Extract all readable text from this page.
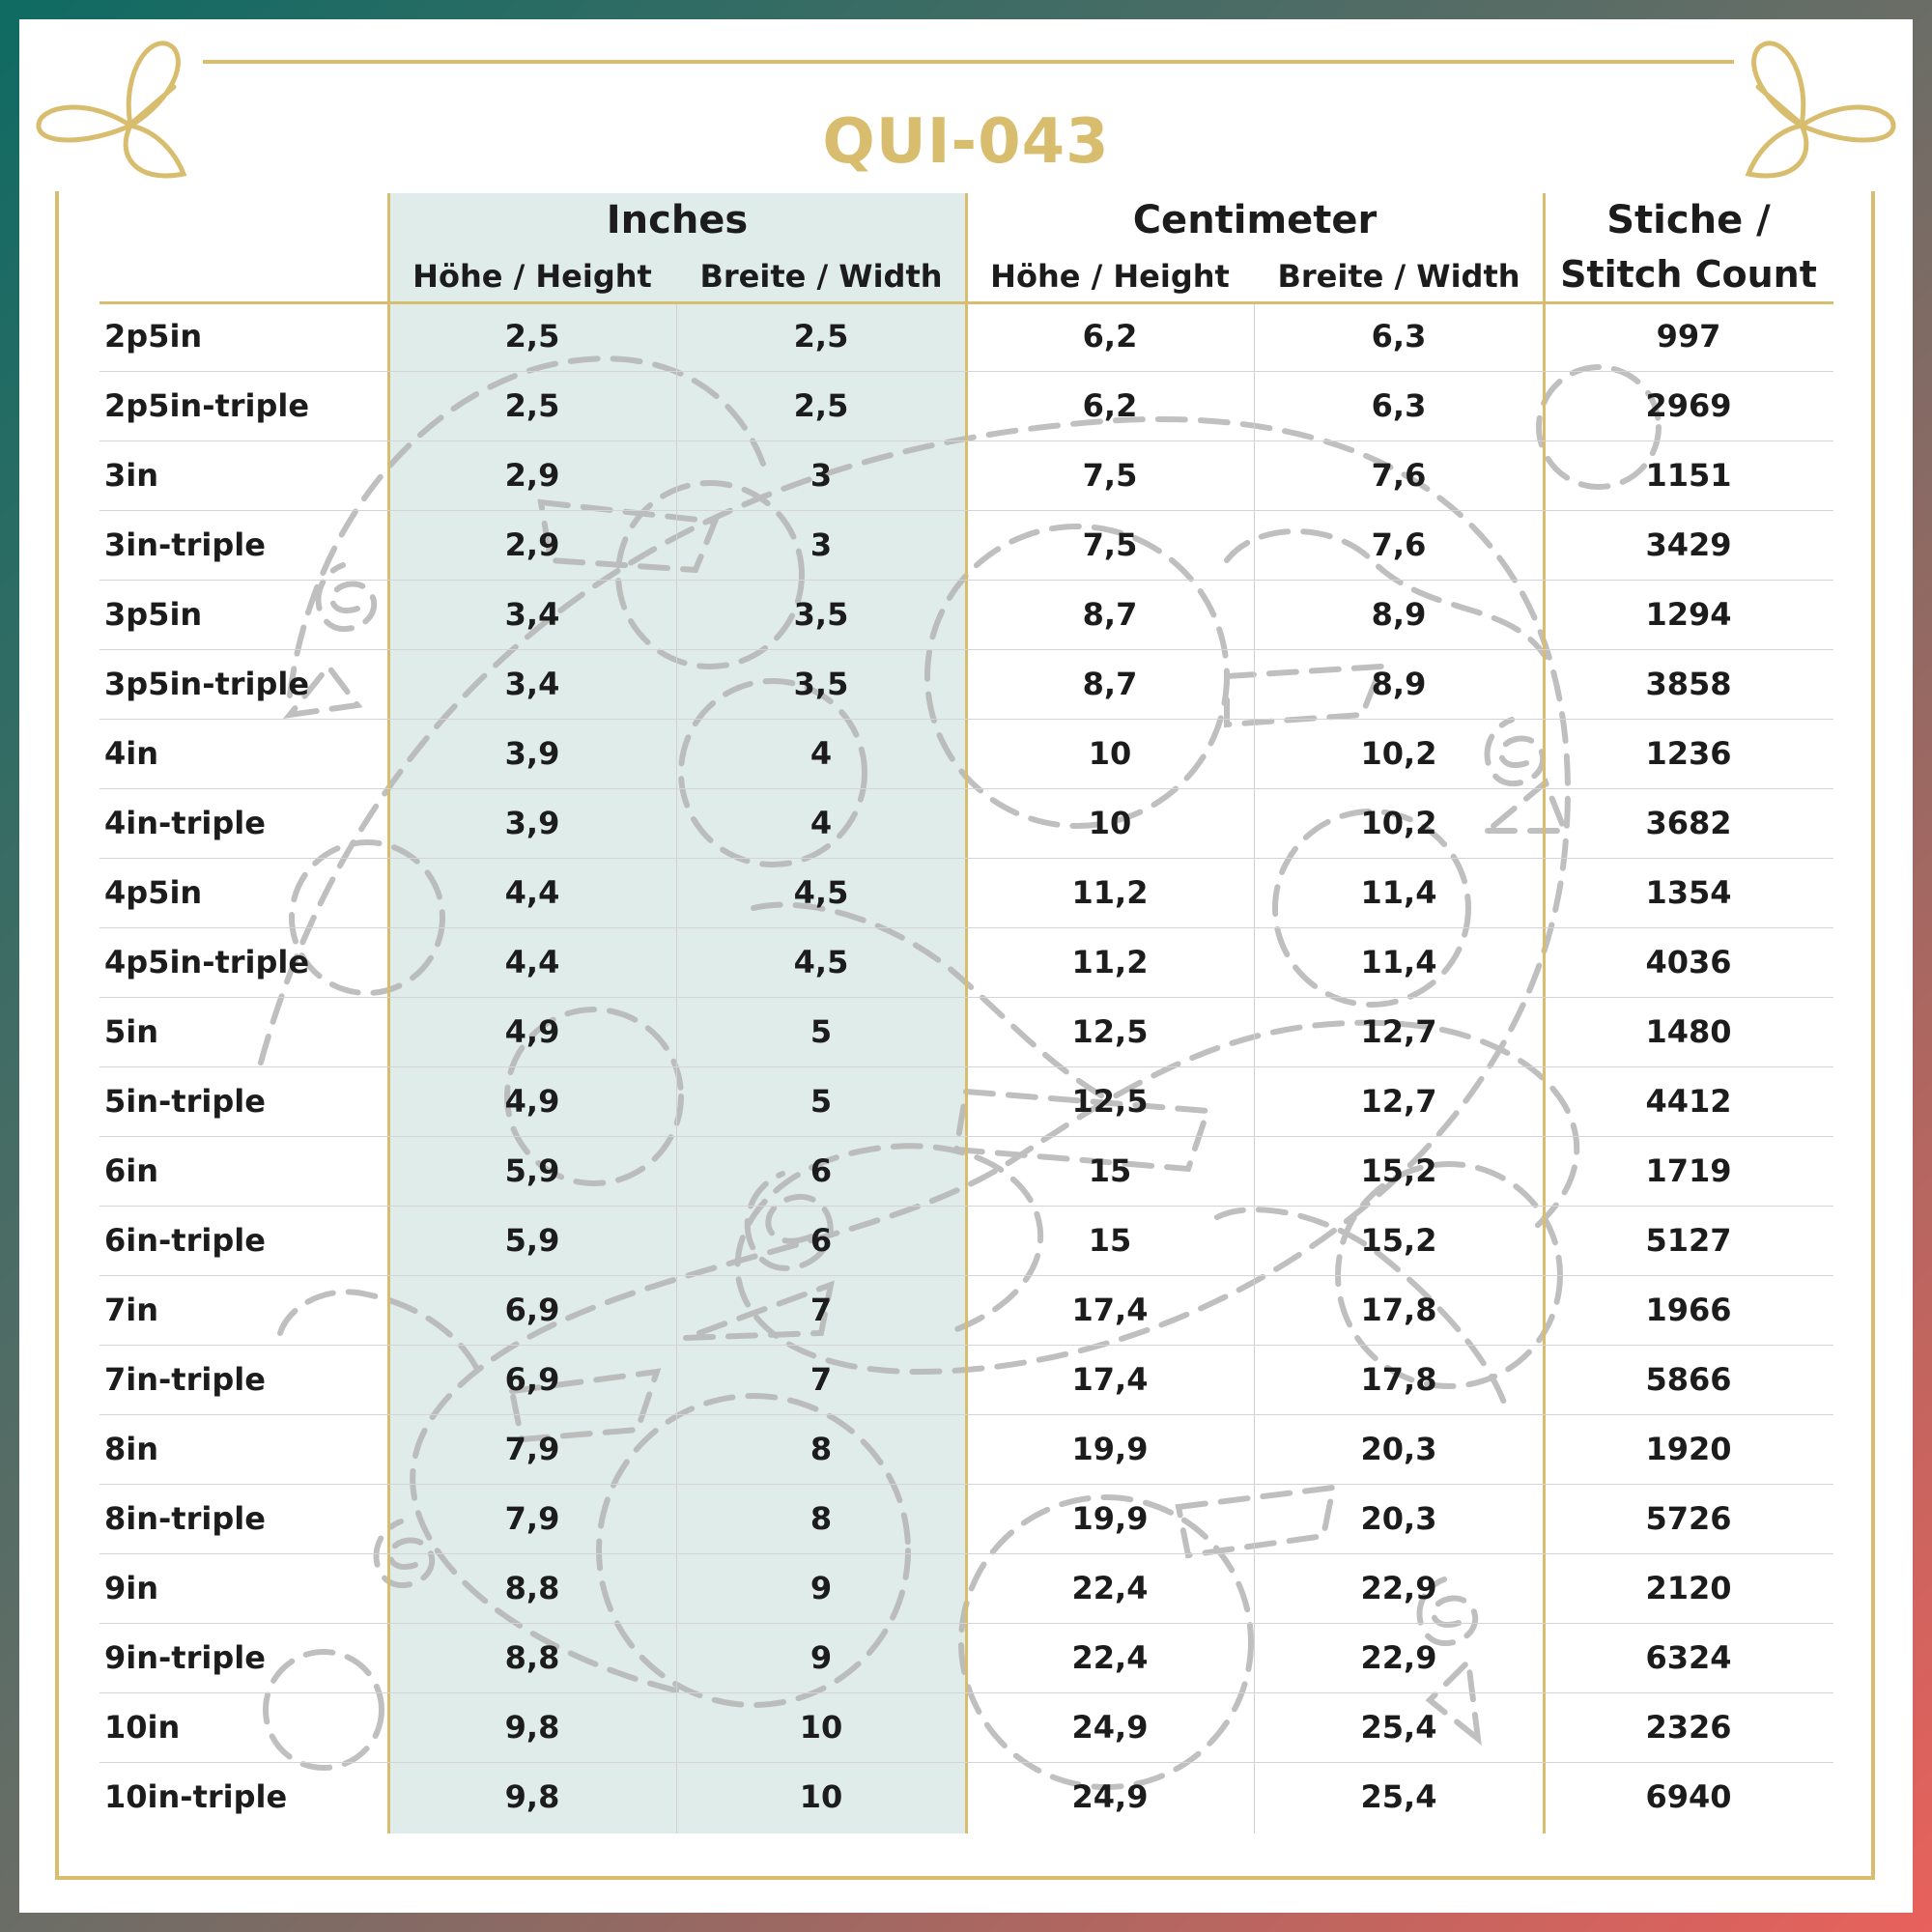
QUI-043
Inches	Centimeter	Stiche /
Stitch Count
Höhe / Height	Breite / Width	Höhe / Height	Breite / Width
2p5in	2,5	2,5	6,2	6,3	997
2p5in-triple	2,5	2,5	6,2	6,3	2969
3in	2,9	3	7,5	7,6	1151
3in-triple	2,9	3	7,5	7,6	3429
3p5in	3,4	3,5	8,7	8,9	1294
3p5in-triple	3,4	3,5	8,7	8,9	3858
4in	3,9	4	10	10,2	1236
4in-triple	3,9	4	10	10,2	3682
4p5in	4,4	4,5	11,2	11,4	1354
4p5in-triple	4,4	4,5	11,2	11,4	4036
5in	4,9	5	12,5	12,7	1480
5in-triple	4,9	5	12,5	12,7	4412
6in	5,9	6	15	15,2	1719
6in-triple	5,9	6	15	15,2	5127
7in	6,9	7	17,4	17,8	1966
7in-triple	6,9	7	17,4	17,8	5866
8in	7,9	8	19,9	20,3	1920
8in-triple	7,9	8	19,9	20,3	5726
9in	8,8	9	22,4	22,9	2120
9in-triple	8,8	9	22,4	22,9	6324
10in	9,8	10	24,9	25,4	2326
10in-triple	9,8	10	24,9	25,4	6940
